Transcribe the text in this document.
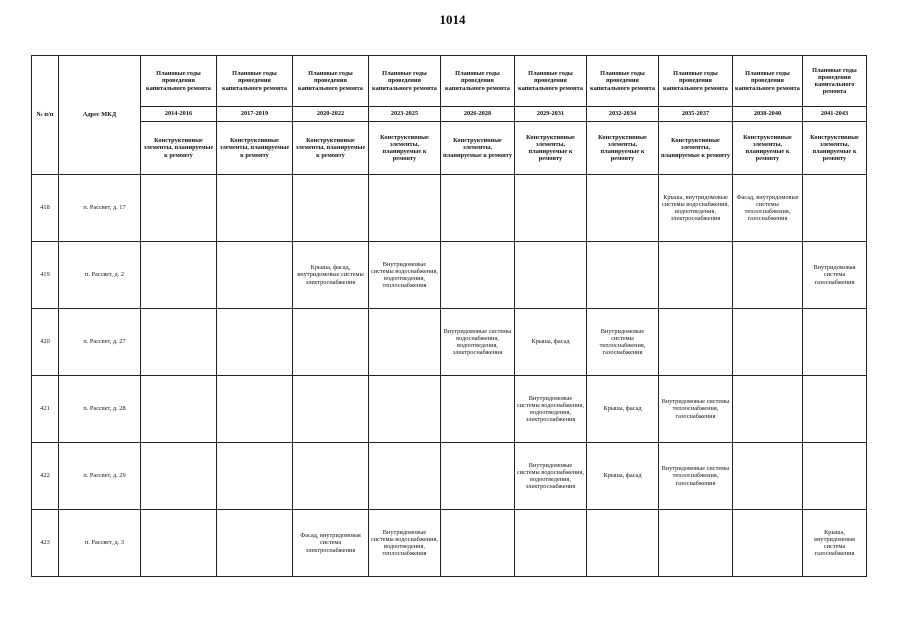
1014
№ п/п	Адрес МКД	Плановые годы проведения капитального ремонта	Плановые годы проведения капитального ремонта	Плановые годы проведения капитального ремонта	Плановые годы проведения капитального ремонта	Плановые годы проведения капитального ремонта	Плановые годы проведения капитального ремонта	Плановые годы проведения капитального ремонта	Плановые годы проведения капитального ремонта	Плановые годы проведения капитального ремонта	Плановые годы проведения капитального ремонта
		2014-2016	2017-2019	2020-2022	2023-2025	2026-2028	2029-2031	2032-2034	2035-2037	2038-2040	2041-2043
		Конструктивные элементы, планируемые к ремонту	Конструктивные элементы, планируемые к ремонту	Конструктивные элементы, планируемые к ремонту	Конструктивные элементы, планируемые к ремонту	Конструктивные элементы, планируемые к ремонту	Конструктивные элементы, планируемые к ремонту	Конструктивные элементы, планируемые к ремонту	Конструктивные элементы, планируемые к ремонту	Конструктивные элементы, планируемые к ремонту	Конструктивные элементы, планируемые к ремонту
418	п. Рассвет, д. 17								Крыша, внутридомовые системы водоснабжения, водоотведения, электроснабжения	Фасад, внутридомовые системы теплоснабжения, газоснабжения	
419	п. Рассвет, д. 2			Крыша, фасад, внутридомовые системы электроснабжения	Внутридомовые системы водоснабжения, водоотведения, теплоснабжения						Внутридомовая система газоснабжения
420	п. Рассвет, д. 27					Внутридомовые системы водоснабжения, водоотведения, электроснабжения	Крыша, фасад	Внутридомовые системы теплоснабжения, газоснабжения			
421	п. Рассвет, д. 28						Внутридомовые системы водоснабжения, водоотведения, электроснабжения	Крыша, фасад	Внутридомовые системы теплоснабжения, газоснабжения		
422	п. Рассвет, д. 29						Внутридомовые системы водоснабжения, водоотведения, электроснабжения	Крыша, фасад	Внутридомовые системы теплоснабжения, газоснабжения		
423	п. Рассвет, д. 3			Фасад, внутридомовая система электроснабжения	Внутридомовые системы водоснабжения, водоотведения, теплоснабжения						Крыша, внутридомовая система газоснабжения
